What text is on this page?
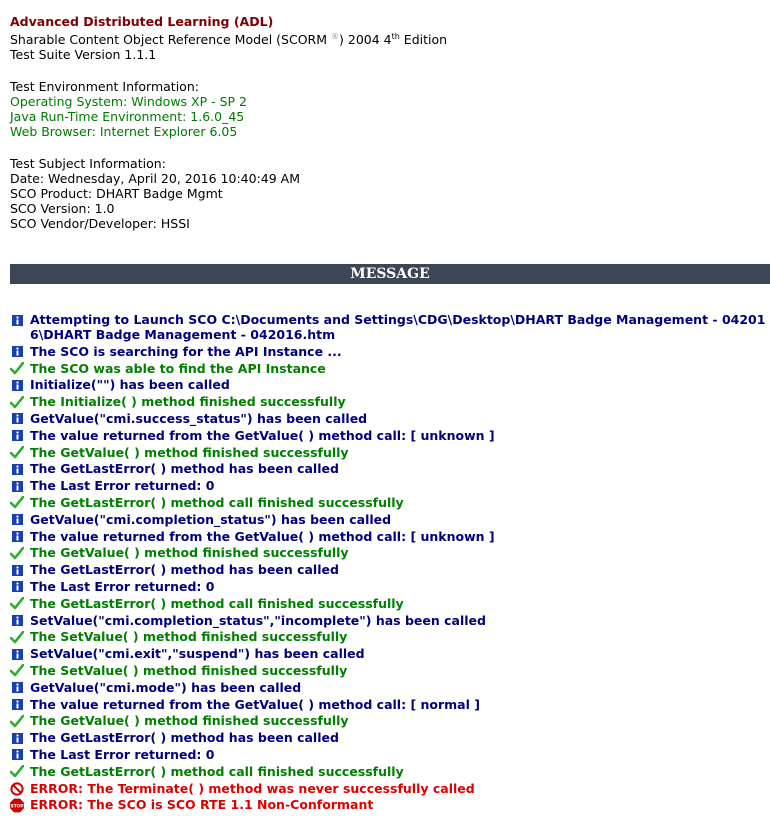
Advanced Distributed Learning (ADL)
Sharable Content Object Reference Model (SCORM ®) 2004 4th Edition
Test Suite Version 1.1.1
Test Environment Information:
Operating System: Windows XP - SP 2
Java Run-Time Environment: 1.6.0_45
Web Browser: Internet Explorer 6.05
Test Subject Information:
Date: Wednesday, April 20, 2016 10:40:49 AM
SCO Product: DHART Badge Mgmt
SCO Version: 1.0
SCO Vendor/Developer: HSSI
MESSAGE
Attempting to Launch SCO C:\Documents and Settings\CDG\Desktop\DHART Badge Management - 042016\DHART Badge Management - 042016.htm
The SCO is searching for the API Instance ...
The SCO was able to find the API Instance
Initialize("") has been called
The Initialize( ) method finished successfully
GetValue("cmi.success_status") has been called
The value returned from the GetValue( ) method call: [ unknown ]
The GetValue( ) method finished successfully
The GetLastError( ) method has been called
The Last Error returned: 0
The GetLastError( ) method call finished successfully
GetValue("cmi.completion_status") has been called
The value returned from the GetValue( ) method call: [ unknown ]
The GetValue( ) method finished successfully
The GetLastError( ) method has been called
The Last Error returned: 0
The GetLastError( ) method call finished successfully
SetValue("cmi.completion_status","incomplete") has been called
The SetValue( ) method finished successfully
SetValue("cmi.exit","suspend") has been called
The SetValue( ) method finished successfully
GetValue("cmi.mode") has been called
The value returned from the GetValue( ) method call: [ normal ]
The GetValue( ) method finished successfully
The GetLastError( ) method has been called
The Last Error returned: 0
The GetLastError( ) method call finished successfully
ERROR: The Terminate( ) method was never successfully called
STOP ERROR: The SCO is SCO RTE 1.1 Non-Conformant
